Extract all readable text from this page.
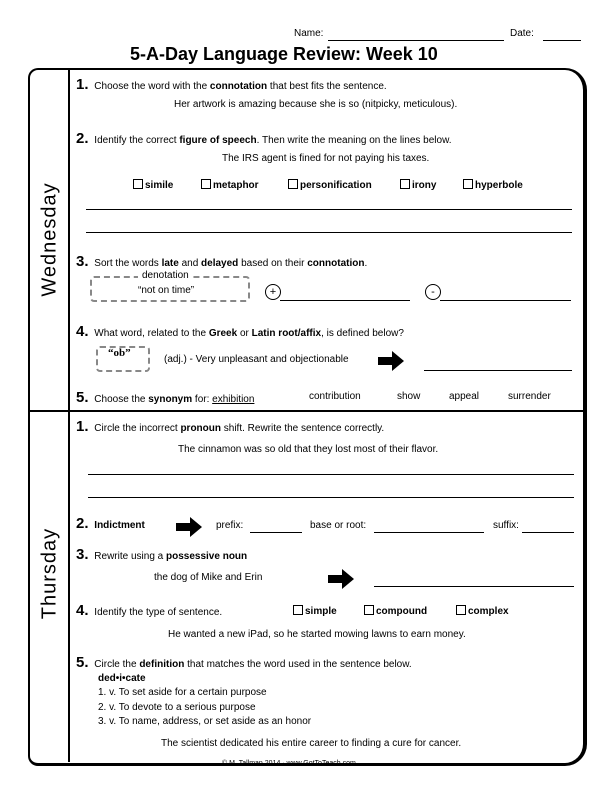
Name:	Date:
5-A-Day Language Review: Week 10
Wednesday
Thursday
1. Choose the word with the connotation that best fits the sentence.
Her artwork is amazing because she is so (nitpicky, meticulous).
2. Identify the correct figure of speech. Then write the meaning on the lines below.
The IRS agent is fined for not paying his taxes.
simile	metaphor	personification	irony	hyperbole
3. Sort the words late and delayed based on their connotation.
denotation
“not on time”	+	-
4. What word, related to the Greek or Latin root/affix, is defined below?
“ob”
(adj.) - Very unpleasant and objectionable
5. Choose the synonym for: exhibition	contribution	show	appeal	surrender
1. Circle the incorrect pronoun shift. Rewrite the sentence correctly.
The cinnamon was so old that they lost most of their flavor.
2. Indictment	prefix:	base or root:	suffix:
3. Rewrite using a possessive noun
the dog of Mike and Erin
4. Identify the type of sentence.	simple	compound	complex
He wanted a new iPad, so he started mowing lawns to earn money.
5. Circle the definition that matches the word used in the sentence below.
ded•i•cate
1. v. To set aside for a certain purpose
2. v. To devote to a serious purpose
3. v. To name, address, or set aside as an honor
The scientist dedicated his entire career to finding a cure for cancer.
© M. Tallman 2014 · www.GotToTeach.com
